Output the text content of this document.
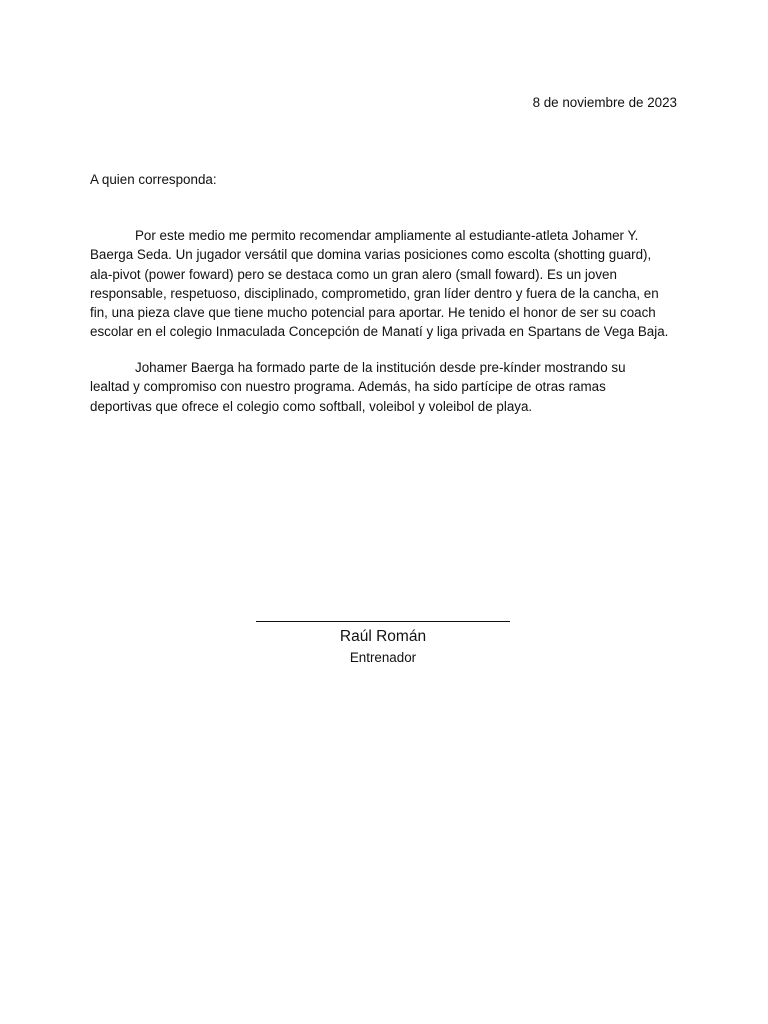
8 de noviembre de 2023
A quien corresponda:
Por este medio me permito recomendar ampliamente al estudiante-atleta Johamer Y.
Baerga Seda. Un jugador versátil que domina varias posiciones como escolta (shotting guard),
ala-pivot (power foward) pero se destaca como un gran alero (small foward). Es un joven
responsable, respetuoso, disciplinado, comprometido, gran líder dentro y fuera de la cancha, en
fin, una pieza clave que tiene mucho potencial para aportar. He tenido el honor de ser su coach
escolar en el colegio Inmaculada Concepción de Manatí y liga privada en Spartans de Vega Baja.
Johamer Baerga ha formado parte de la institución desde pre-kínder mostrando su
lealtad y compromiso con nuestro programa. Además, ha sido partícipe de otras ramas
deportivas que ofrece el colegio como softball, voleibol y voleibol de playa.
Raúl Román
Entrenador
